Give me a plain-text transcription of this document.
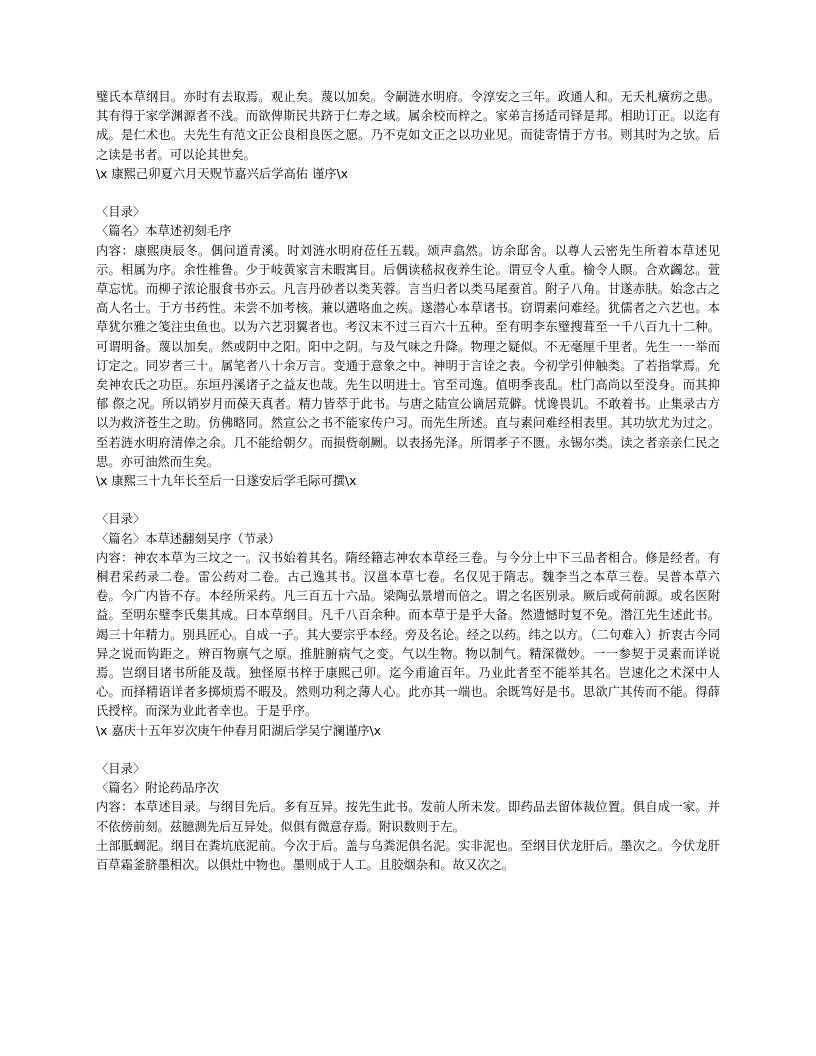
璧氏本草纲目。亦时有去取焉。观止矣。蔑以加矣。令嗣涟水明府。令淳安之三年。政通人和。无夭札癀疠之患。其有得于家学渊源者不浅。而欲俾斯民共跻于仁寿之域。属余校而梓之。家弟言扬适司铎是邦。相助订正。以迄有成。是仁术也。夫先生有范文正公良相良医之愿。乃不克如文正之以功业见。而徒寄情于方书。则其时为之欤。后之读是书者。可以论其世矣。

\x 康熙己卯夏六月天贶节嘉兴后学高佑 谨序\x

〈目录〉

〈篇名〉本草述初刻毛序

内容：康熙庚辰冬。偶问道青溪。时刘涟水明府莅任五载。颂声翕然。访余邸舍。以尊人云密先生所着本草述见示。相属为序。余性椎鲁。少于岐黄家言未暇寓目。后偶读嵇叔夜养生论。谓豆令人重。榆令人瞑。合欢蠲忿。萱草忘忧。而柳子浓论服食书亦云。凡言丹砂者以类芙蓉。言当归者以类马尾蚕首。附子八角。甘遂赤肤。始念古之高人名士。于方书药性。未尝不加考核。兼以遘咯血之疾。遂潜心本草诸书。窃谓素问难经。犹儒者之六艺也。本草犹尔雅之笺注虫鱼也。以为六艺羽翼者也。考汉末不过三百六十五种。至有明李东璧搜葺至一千八百九十二种。可谓明备。蔑以加矣。然或阴中之阳。阳中之阴。与及气味之升降。物理之疑似。不无毫厘千里者。先生一一举而订定之。同岁者三十。属笔者八十余万言。变通于意象之中。神明于言诠之表。今初学引伸触类。了若指掌焉。允矣神农氏之功臣。东垣丹溪诸子之益友也哉。先生以明进士。官至司逸。值明季丧乱。杜门高尚以至没身。而其抑郁 傺之况。所以销岁月而葆天真者。精力皆萃于此书。与唐之陆宣公谪居荒僻。忧谗畏讥。不敢着书。止集录古方以为救济苍生之助。仿佛略同。然宣公之书不能家传户习。而先生所述。直与素问难经相表里。其功欤尤为过之。至若涟水明府清俸之余。几不能给朝夕。而损赀剞劂。以表扬先泽。所谓孝子不匮。永锡尔类。读之者亲亲仁民之思。亦可油然而生矣。

\x 康熙三十九年长至后一日遂安后学毛际可撰\x

〈目录〉

〈篇名〉本草述翻刻吴序（节录）

内容：神农本草为三坟之一。汉书始着其名。隋经籍志神农本草经三卷。与今分上中下三品者相合。修是经者。有桐君采药录二卷。雷公药对二卷。古己逸其书。汉邕本草七卷。名仅见于隋志。魏李当之本草三卷。吴普本草六卷。今广内皆不存。本经所采药。凡三百五十六品。梁陶弘景增而倍之。谓之名医别录。厥后或荷前源。或名医附益。至明东璧李氏集其成。曰本草纲目。凡千八百余种。而本草于是乎大备。然遗憾时复不免。潜江先生述此书。竭三十年精力。别具匠心。自成一子。其大要宗乎本经。旁及名论。经之以药。纬之以方。（二句难入）折衷古今同异之说而钩距之。辨百物禀气之原。推脏腑病气之变。气以生物。物以制气。精深微妙。一一参契于灵素而详说焉。岂纲目诸书所能及哉。独怪原书梓于康熙己卯。迄今甫逾百年。乃业此者至不能举其名。岂速化之术深中人心。而择精语详者多掷烦焉不暇及。然则功利之薄人心。此亦其一端也。余既笃好是书。思欲广其传而不能。得薛氏授梓。而深为业此者幸也。于是乎序。

\x 嘉庆十五年岁次庚午仲春月阳湖后学吴宁澜谨序\x

〈目录〉

〈篇名〉附论药品序次

内容：本草述目录。与纲目先后。多有互异。按先生此书。发前人所未发。即药品去留体裁位置。俱自成一家。并不依傍前刻。兹臆测先后互异处。似俱有微意存焉。附识数则于左。

土部胝蜩泥。纲目在粪坑底泥前。今次于后。盖与乌粪泥俱名泥。实非泥也。至纲目伏龙肝后。墨次之。今伏龙肝百草霜釜脐墨相次。以俱灶中物也。墨则成于人工。且胶烟杂和。故又次之。
